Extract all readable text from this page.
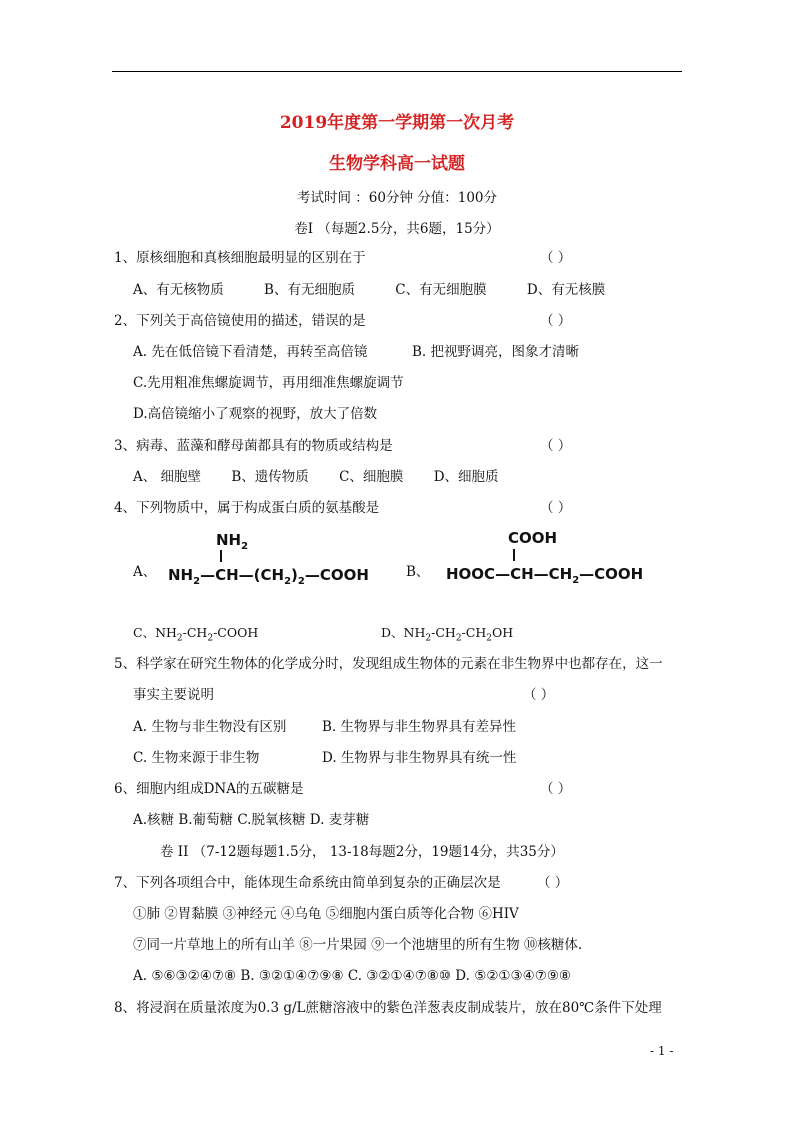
2019年度第一学期第一次月考
生物学科高一试题
考试时间 ：60分钟 分值：100分
卷Ⅰ （每题2.5分，共6题，15分）
1、原核细胞和真核细胞最明显的区别在于	（ ）
A、有无核物质	B、有无细胞质	C、有无细胞膜	D、有无核膜
2、下列关于高倍镜使用的描述，错误的是	（ ）
A. 先在低倍镜下看清楚，再转至高倍镜	B. 把视野调亮，图象才清晰
C.先用粗准焦螺旋调节，再用细准焦螺旋调节
D.高倍镜缩小了观察的视野，放大了倍数
3、病毒、蓝藻和酵母菌都具有的物质或结构是	（ ）
A、 细胞壁 B、遗传物质 C、细胞膜 D、细胞质
4、下列物质中，属于构成蛋白质的氨基酸是	（ ）
A、
$NH_2$
$NH_2—CH—(CH_2)_2—COOH$	B、
COOH
$HOOC—CH—CH_2—COOH$
C、$NH_2-CH_2$-COOH	D、$NH_2-CH_2-CH_2OH$
5、科学家在研究生物体的化学成分时，发现组成生物体的元素在非生物界中也都存在，这一
事实主要说明	（ ）
A. 生物与非生物没有区别	B. 生物界与非生物界具有差异性
C. 生物来源于非生物	D. 生物界与非生物界具有统一性
6、细胞内组成DNA的五碳糖是	（ ）
A.核糖 B.葡萄糖 C.脱氧核糖 D. 麦芽糖
卷 II （7-12题每题1.5分， 13-18每题2分，19题14分，共35分）
7、下列各项组合中，能体现生命系统由简单到复杂的正确层次是	（ ）
①肺 ②胃黏膜 ③神经元 ④乌龟 ⑤细胞内蛋白质等化合物 ⑥HIV
⑦同一片草地上的所有山羊 ⑧一片果园 ⑨一个池塘里的所有生物 ⑩核糖体.
A. ⑤⑥③②④⑦⑧ B. ③②①④⑦⑨⑧ C. ③②①④⑦⑧⑩ D. ⑤②①③④⑦⑨⑧
8、将浸润在质量浓度为0.3 g/L蔗糖溶液中的紫色洋葱表皮制成装片，放在80℃条件下处理
- 1 -
